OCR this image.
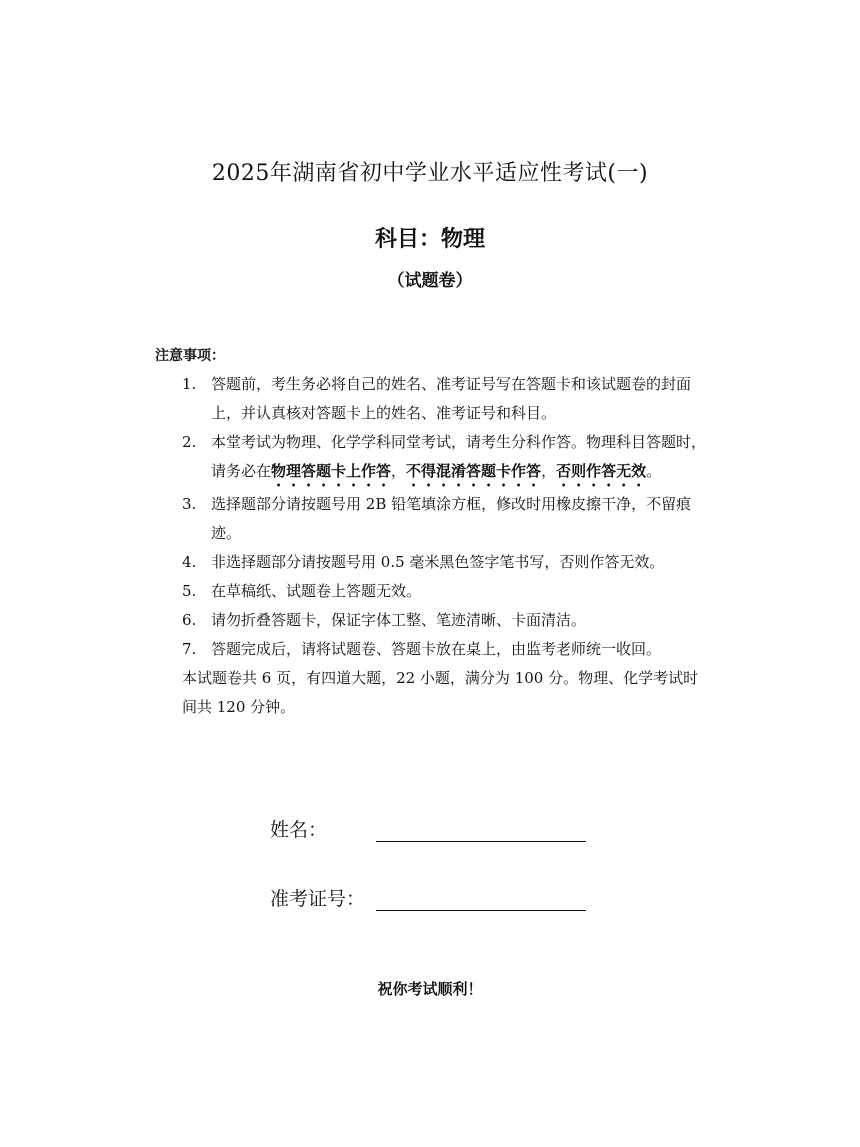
2025年湖南省初中学业水平适应性考试(一)
科目：物理
（试题卷）
注意事项：
1. 答题前，考生务必将自己的姓名、准考证号写在答题卡和该试题卷的封面上，并认真核对答题卡上的姓名、准考证号和科目。
2. 本堂考试为物理、化学学科同堂考试，请考生分科作答。物理科目答题时，请务必在物理答题卡上作答，不得混淆答题卡作答，否则作答无效。
3. 选择题部分请按题号用 2B 铅笔填涂方框，修改时用橡皮擦干净，不留痕迹。
4. 非选择题部分请按题号用 0.5 毫米黑色签字笔书写，否则作答无效。
5. 在草稿纸、试题卷上答题无效。
6. 请勿折叠答题卡，保证字体工整、笔迹清晰、卡面清洁。
7. 答题完成后，请将试题卷、答题卡放在桌上，由监考老师统一收回。
本试题卷共 6 页，有四道大题，22 小题，满分为 100 分。物理、化学考试时间共 120 分钟。
姓名：
准考证号：
祝你考试顺利！
